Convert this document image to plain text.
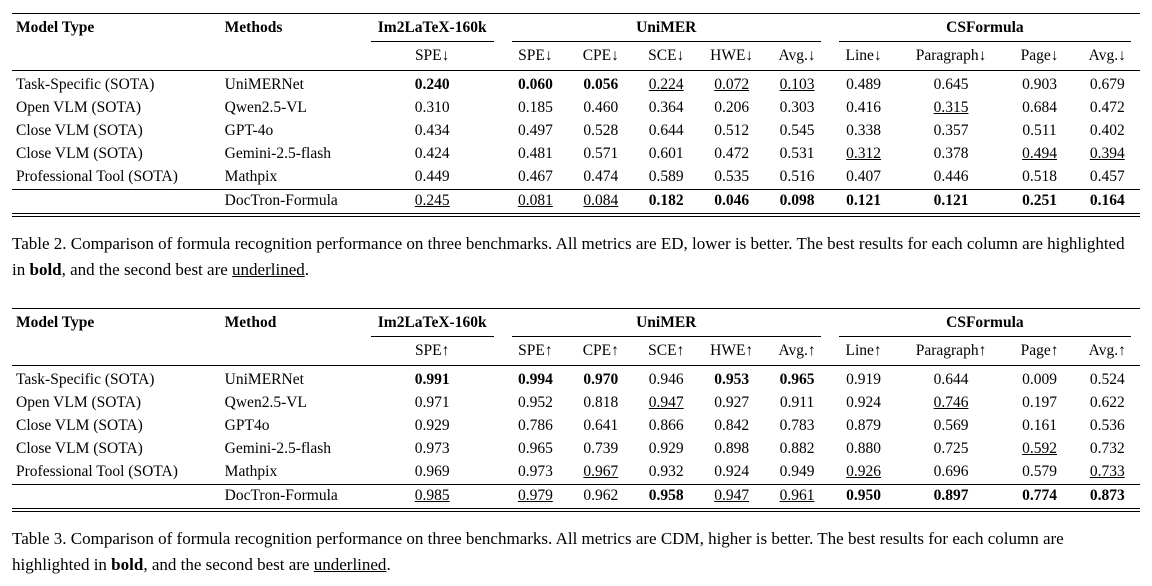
Model Type	Methods	Im2LaTeX-160k	UniMER					CSFormula			
		SPE↓	SPE↓	CPE↓	SCE↓	HWE↓	Avg.↓	Line↓	Paragraph↓	Page↓	Avg.↓
Task-Specific (SOTA)	UniMERNet	0.240	0.060	0.056	0.224	0.072	0.103	0.489	0.645	0.903	0.679
Open VLM (SOTA)	Qwen2.5-VL	0.310	0.185	0.460	0.364	0.206	0.303	0.416	0.315	0.684	0.472
Close VLM (SOTA)	GPT-4o	0.434	0.497	0.528	0.644	0.512	0.545	0.338	0.357	0.511	0.402
Close VLM (SOTA)	Gemini-2.5-flash	0.424	0.481	0.571	0.601	0.472	0.531	0.312	0.378	0.494	0.394
Professional Tool (SOTA)	Mathpix	0.449	0.467	0.474	0.589	0.535	0.516	0.407	0.446	0.518	0.457
	DocTron-Formula	0.245	0.081	0.084	0.182	0.046	0.098	0.121	0.121	0.251	0.164

Table 2. Comparison of formula recognition performance on three benchmarks. All metrics are ED, lower is better. The best results for each column are highlighted in bold, and the second best are underlined.

Model Type	Method	Im2LaTeX-160k	UniMER					CSFormula			
		SPE↑	SPE↑	CPE↑	SCE↑	HWE↑	Avg.↑	Line↑	Paragraph↑	Page↑	Avg.↑
Task-Specific (SOTA)	UniMERNet	0.991	0.994	0.970	0.946	0.953	0.965	0.919	0.644	0.009	0.524
Open VLM (SOTA)	Qwen2.5-VL	0.971	0.952	0.818	0.947	0.927	0.911	0.924	0.746	0.197	0.622
Close VLM (SOTA)	GPT4o	0.929	0.786	0.641	0.866	0.842	0.783	0.879	0.569	0.161	0.536
Close VLM (SOTA)	Gemini-2.5-flash	0.973	0.965	0.739	0.929	0.898	0.882	0.880	0.725	0.592	0.732
Professional Tool (SOTA)	Mathpix	0.969	0.973	0.967	0.932	0.924	0.949	0.926	0.696	0.579	0.733
	DocTron-Formula	0.985	0.979	0.962	0.958	0.947	0.961	0.950	0.897	0.774	0.873

Table 3. Comparison of formula recognition performance on three benchmarks. All metrics are CDM, higher is better. The best results for each column are highlighted in bold, and the second best are underlined.
